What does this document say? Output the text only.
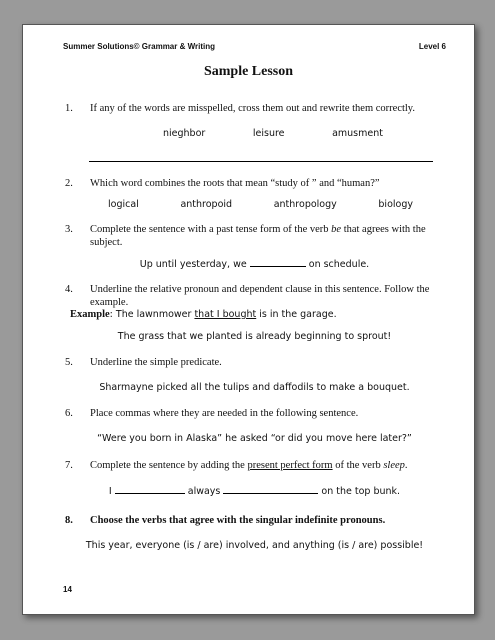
Summer Solutions© Grammar & Writing	Level 6
Sample Lesson
1. If any of the words are misspelled, cross them out and rewrite them correctly.
nieghbor	leisure	amusment
2. Which word combines the roots that mean “study of ” and “human?”
logical	anthropoid	anthropology	biology
3. Complete the sentence with a past tense form of the verb be that agrees with the subject.
Up until yesterday, we	on schedule.
4. Underline the relative pronoun and dependent clause in this sentence. Follow the example.
Example: The lawnmower that I bought is in the garage.
The grass that we planted is already beginning to sprout!
5. Underline the simple predicate.
Sharmayne picked all the tulips and daffodils to make a bouquet.
6. Place commas where they are needed in the following sentence.
“Were you born in Alaska” he asked “or did you move here later?”
7. Complete the sentence by adding the present perfect form of the verb sleep.
I	always	on the top bunk.
8. Choose the verbs that agree with the singular indefinite pronouns.
This year, everyone (is / are) involved, and anything (is / are) possible!
14
